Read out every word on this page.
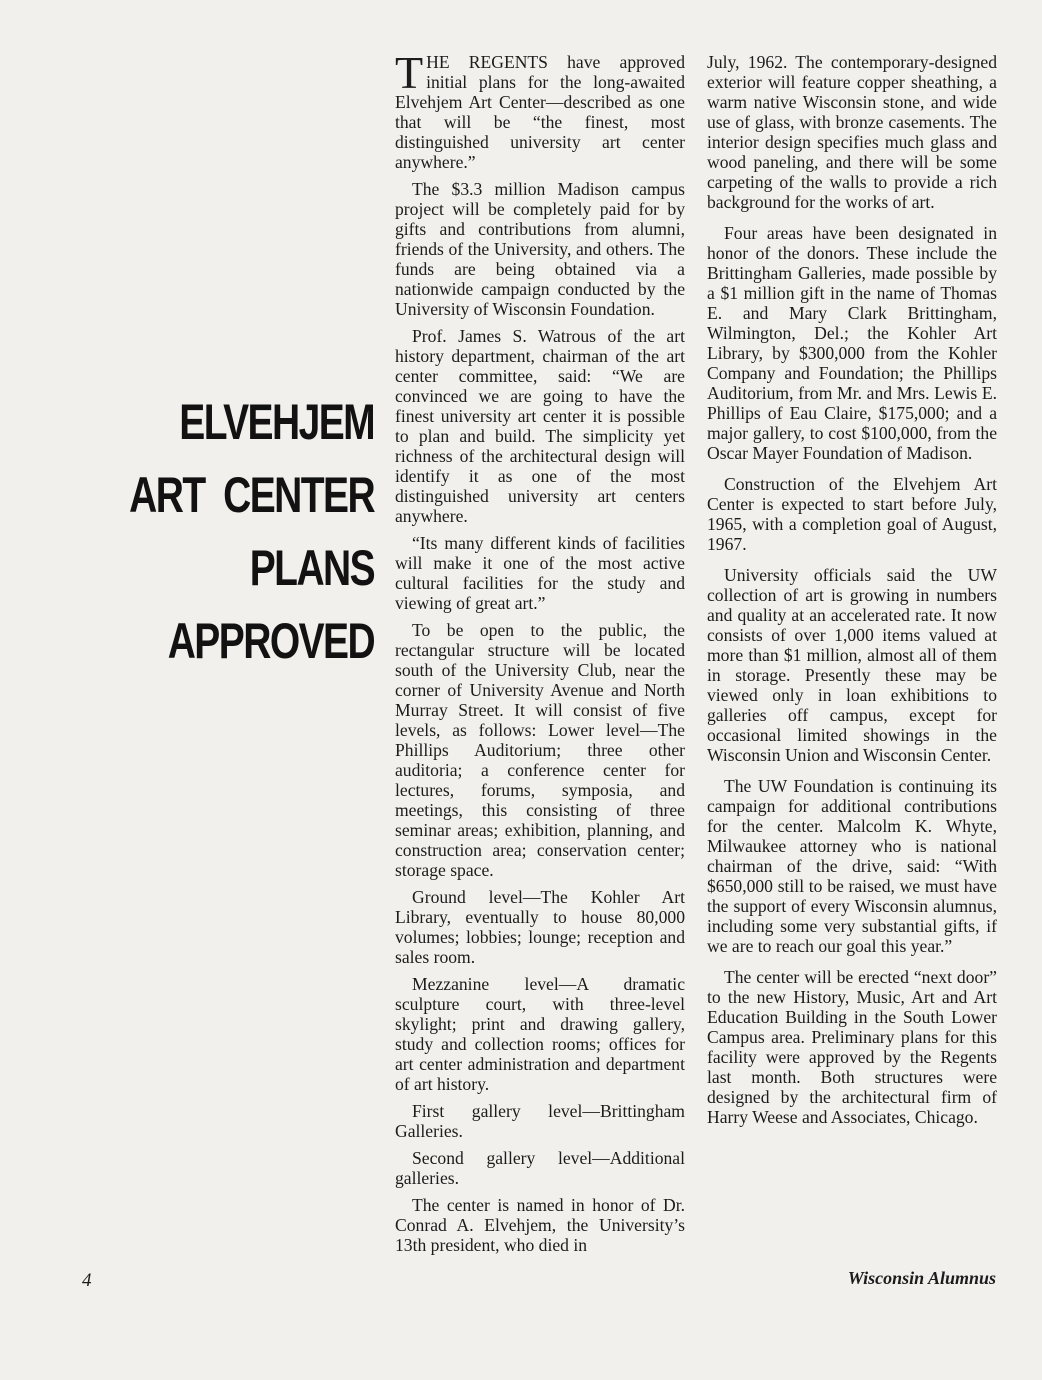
ELVEHJEM
ART  CENTER
PLANS
APPROVED

THE REGENTS have approved initial plans for the long-awaited Elvehjem Art Center—described as one that will be “the finest, most distinguished university art center anywhere.”

The $3.3 million Madison campus project will be completely paid for by gifts and contributions from alumni, friends of the University, and others. The funds are being obtained via a nationwide campaign conducted by the University of Wisconsin Foundation.

Prof. James S. Watrous of the art history department, chairman of the art center committee, said: “We are convinced we are going to have the finest university art center it is possible to plan and build. The simplicity yet richness of the architectural design will identify it as one of the most distinguished university art centers anywhere.

“Its many different kinds of facilities will make it one of the most active cultural facilities for the study and viewing of great art.”

To be open to the public, the rectangular structure will be located south of the University Club, near the corner of University Avenue and North Murray Street. It will consist of five levels, as follows: Lower level—The Phillips Auditorium; three other auditoria; a conference center for lectures, forums, symposia, and meetings, this consisting of three seminar areas; exhibition, planning, and construction area; conservation center; storage space.

Ground level—The Kohler Art Library, eventually to house 80,000 volumes; lobbies; lounge; reception and sales room.

Mezzanine level—A dramatic sculpture court, with three-level skylight; print and drawing gallery, study and collection rooms; offices for art center administration and department of art history.

First gallery level—Brittingham Galleries.

Second gallery level—Additional galleries.

The center is named in honor of Dr. Conrad A. Elvehjem, the University’s 13th president, who died in

July, 1962. The contemporary-designed exterior will feature copper sheathing, a warm native Wisconsin stone, and wide use of glass, with bronze casements. The interior design specifies much glass and wood paneling, and there will be some carpeting of the walls to provide a rich background for the works of art.

Four areas have been designated in honor of the donors. These include the Brittingham Galleries, made possible by a $1 million gift in the name of Thomas E. and Mary Clark Brittingham, Wilmington, Del.; the Kohler Art Library, by $300,000 from the Kohler Company and Foundation; the Phillips Auditorium, from Mr. and Mrs. Lewis E. Phillips of Eau Claire, $175,000; and a major gallery, to cost $100,000, from the Oscar Mayer Foundation of Madison.

Construction of the Elvehjem Art Center is expected to start before July, 1965, with a completion goal of August, 1967.

University officials said the UW collection of art is growing in numbers and quality at an accelerated rate. It now consists of over 1,000 items valued at more than $1 million, almost all of them in storage. Presently these may be viewed only in loan exhibitions to galleries off campus, except for occasional limited showings in the Wisconsin Union and Wisconsin Center.

The UW Foundation is continuing its campaign for additional contributions for the center. Malcolm K. Whyte, Milwaukee attorney who is national chairman of the drive, said: “With $650,000 still to be raised, we must have the support of every Wisconsin alumnus, including some very substantial gifts, if we are to reach our goal this year.”

The center will be erected “next door” to the new History, Music, Art and Art Education Building in the South Lower Campus area. Preliminary plans for this facility were approved by the Regents last month. Both structures were designed by the architectural firm of Harry Weese and Associates, Chicago.

4	Wisconsin Alumnus
